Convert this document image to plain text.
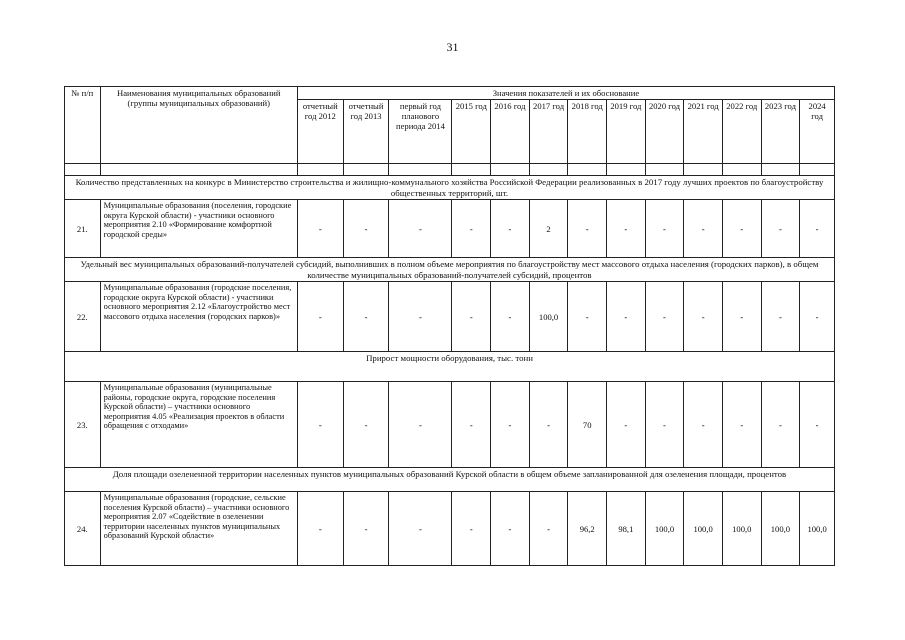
31
№ п/п	Наименования муниципальных образований (группы муниципальных образований)	Значения показателей и их обоснование												
		отчетный год 2012	отчетный год 2013	первый год планового периода 2014	2015 год	2016 год	2017 год	2018 год	2019 год	2020 год	2021 год	2022 год	2023 год	2024 год

Количество представленных на конкурс в Министерство строительства и жилищно-коммунального хозяйства Российской Федерации реализованных в 2017 году лучших проектов по благоустройству общественных территорий, шт.														
21.	Муниципальные образования (поселения, городские округа Курской области) - участники основного мероприятия 2.10 «Формирование комфортной городской среды»	-	-	-	-	-	2	-	-	-	-	-	-	-
Удельный вес муниципальных образований-получателей субсидий, выполнивших в полном объеме мероприятия по благоустройству мест массового отдыха населения (городских парков), в общем количестве муниципальных образований-получателей субсидий, процентов														
22.	Муниципальные образования (городские поселения, городские округа Курской области) - участники основного мероприятия 2.12 «Благоустройство мест массового отдыха населения (городских парков)»	-	-	-	-	-	100,0	-	-	-	-	-	-	-
Прирост мощности оборудования, тыс. тонн														
23.	Муниципальные образования (муниципальные районы, городские округа, городские поселения Курской области) – участники основного мероприятия 4.05 «Реализация проектов в области обращения с отходами»	-	-	-	-	-	-	70	-	-	-	-	-	-
Доля площади озелененной территории населенных пунктов муниципальных образований Курской области в общем объеме запланированной для озеленения площади, процентов														
24.	Муниципальные образования (городские, сельские поселения Курской области) – участники основного мероприятия 2.07 «Содействие в озеленении территории населенных пунктов муниципальных образований Курской области»	-	-	-	-	-	-	96,2	98,1	100,0	100,0	100,0	100,0	100,0
